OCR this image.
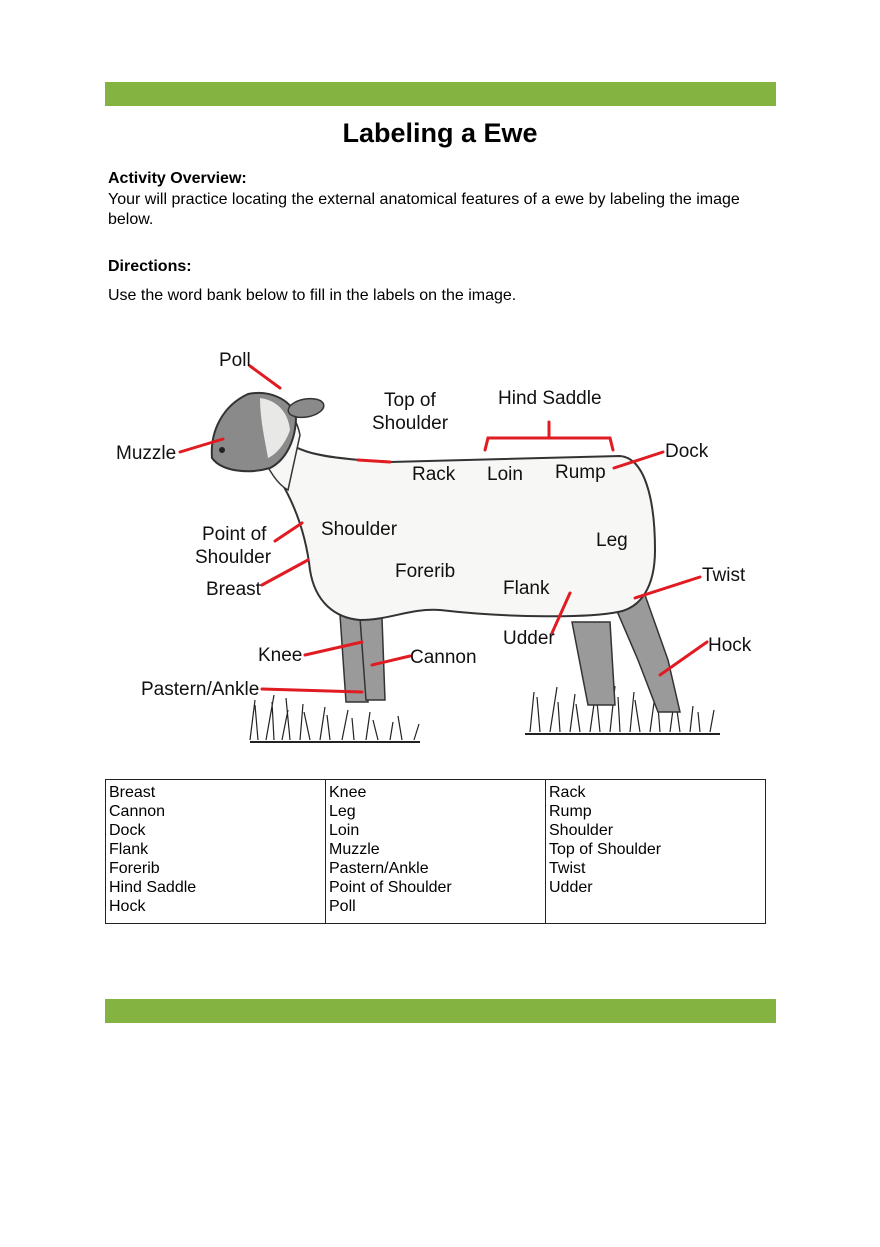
Labeling a Ewe
Activity Overview:
Your will practice locating the external anatomical features of a ewe by labeling the image below.
Directions:
Use the word bank below to fill in the labels on the image.
Poll
Top of
Shoulder
Hind Saddle
Muzzle	Dock
Rack Loin Rump
Point of
Shoulder
Shoulder
Leg
Breast
Forerib
Flank
Twist
Udder
Knee	Cannon
Hock
Pastern/Ankle
Breast
Cannon
Dock
Flank
Forerib
Hind Saddle
Hock
Knee
Leg
Loin
Muzzle
Pastern/Ankle
Point of Shoulder
Poll
Rack
Rump
Shoulder
Top of Shoulder
Twist
Udder
